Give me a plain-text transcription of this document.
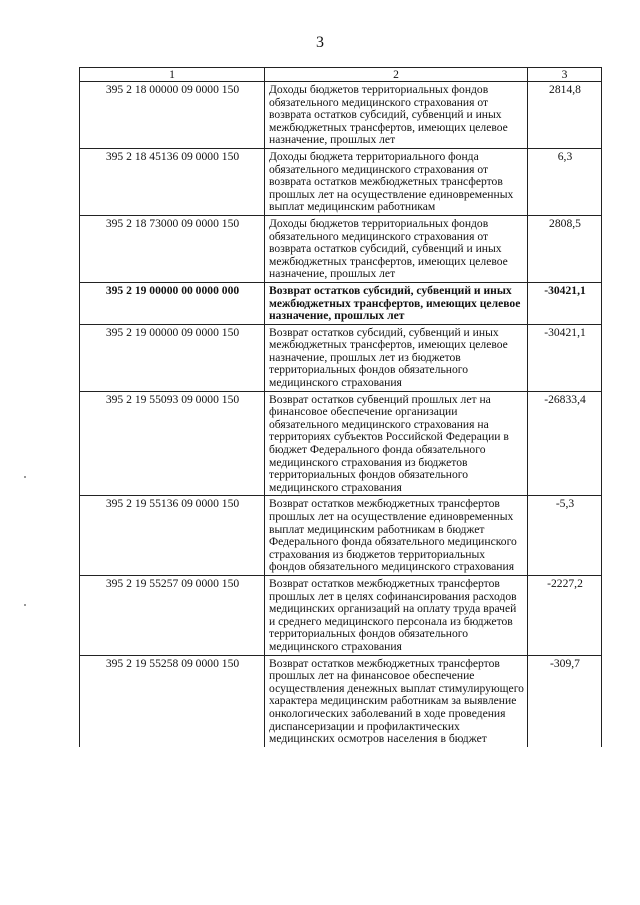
3
1	2	3
395 2 18 00000 09 0000 150	Доходы бюджетов территориальных фондов обязательного медицинского страхования от возврата остатков субсидий, субвенций и иных межбюджетных трансфертов, имеющих целевое назначение, прошлых лет	2814,8
395 2 18 45136 09 0000 150	Доходы бюджета территориального фонда обязательного медицинского страхования от возврата остатков межбюджетных трансфертов прошлых лет на осуществление единовременных выплат медицинским работникам	6,3
395 2 18 73000 09 0000 150	Доходы бюджетов территориальных фондов обязательного медицинского страхования от возврата остатков субсидий, субвенций и иных межбюджетных трансфертов, имеющих целевое назначение, прошлых лет	2808,5
395 2 19 00000 00 0000 000	Возврат остатков субсидий, субвенций и иных межбюджетных трансфертов, имеющих целевое назначение, прошлых лет	-30421,1
395 2 19 00000 09 0000 150	Возврат остатков субсидий, субвенций и иных межбюджетных трансфертов, имеющих целевое назначение, прошлых лет из бюджетов территориальных фондов обязательного медицинского страхования	-30421,1
395 2 19 55093 09 0000 150	Возврат остатков субвенций прошлых лет на финансовое обеспечение организации обязательного медицинского страхования на территориях субъектов Российской Федерации в бюджет Федерального фонда обязательного медицинского страхования из бюджетов территориальных фондов обязательного медицинского страхования	-26833,4
395 2 19 55136 09 0000 150	Возврат остатков межбюджетных трансфертов прошлых лет на осуществление единовременных выплат медицинским работникам в бюджет Федерального фонда обязательного медицинского страхования из бюджетов территориальных фондов обязательного медицинского страхования	-5,3
395 2 19 55257 09 0000 150	Возврат остатков межбюджетных трансфертов прошлых лет в целях софинансирования расходов медицинских организаций на оплату труда врачей и среднего медицинского персонала из бюджетов территориальных фондов обязательного медицинского страхования	-2227,2
395 2 19 55258 09 0000 150	Возврат остатков межбюджетных трансфертов прошлых лет на финансовое обеспечение осуществления денежных выплат стимулирующего характера медицинским работникам за выявление онкологических заболеваний в ходе проведения диспансеризации и профилактических медицинских осмотров населения в бюджет	-309,7
